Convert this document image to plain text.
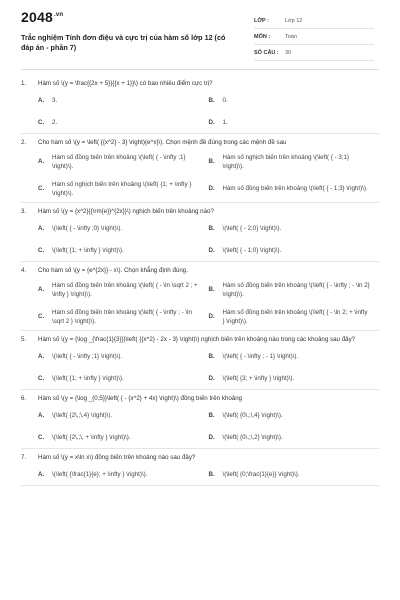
$2048^{.vn}$
Trắc nghiệm Tính đơn điệu và cực trị của hàm số lớp 12 (có đáp án - phần 7)
LỚP :	Lớp 12
MÔN :	Toán
SỐ CÂU :	30
1.	Hàm số \(y = \frac{{2x + 5}}{{x + 1}}\) có bao nhiêu điểm cực trị?
A.	3.	B.	0.
C.	2.	D.	1.
2.	Cho hàm số \(y = \left( {{x^2} - 3} \right){e^x}\). Chọn mệnh đề đúng trong các mệnh đề sau
A.
Hàm số đồng biến trên khoảng \(\left( { - \infty ;1} \right)\).
B.
Hàm số nghịch biến trên khoảng \(\left( { - 3;1} \right)\).
C.
Hàm số nghịch biến trên khoảng \(\left( {1; + \infty } \right)\).
D.	Hàm số đồng biến trên khoảng \(\left( { - 1;3} \right)\).
3.	Hàm số \(y = {x^2}{{\rm{e}}^{2x}}\) nghịch biến trên khoảng nào?
A.	\(\left( { - \infty ;0} \right)\).	B.	\(\left( { - 2;0} \right)\).
C.	\(\left( {1; + \infty } \right)\).	D.	\(\left( { - 1;0} \right)\).
4.	Cho hàm số \(y = {e^{2x}} - x\). Chọn khẳng định đúng.
A.
Hàm số đồng biến trên khoảng \(\left( { - \ln \sqrt 2 ; + \infty } \right)\).
B.
Hàm số đồng biến trên khoảng \(\left( { - \infty ; - \ln 2} \right)\).
C.
Hàm số đồng biến trên khoảng \(\left( { - \infty ; - \ln \sqrt 2 } \right)\).
D.
Hàm số đồng biến trên khoảng \(\left( { - \ln 2; + \infty } \right)\).
5.	Hàm số \(y = {\log _{\frac{1}{3}}}\left( {{x^2} - 2x - 3} \right)\) nghịch biến trên khoảng nào trong các khoảng sau đây?
A.	\(\left( { - \infty ;1} \right)\).	B.	\(\left( { - \infty ; - 1} \right)\).
C.	\(\left( {1; + \infty } \right)\).	D.	\(\left( {3; + \infty } \right)\).
6.	Hàm số \(y = {\log _{0,5}}\left( { - {x^2} + 4x} \right)\) đồng biến trên khoảng
A.	\(\left( {2\,;\,4} \right)\).	B.	\(\left( {0\,;\,4} \right)\).
C.	\(\left( {2\,;\, + \infty } \right)\).	D.	\(\left( {0\,;\,2} \right)\).
7.	Hàm số \(y = x\ln x\) đồng biến trên khoảng nào sau đây?
A.	\(\left( {\frac{1}{e}; + \infty } \right)\).	B.	\(\left( {0;\frac{1}{e}} \right)\).
